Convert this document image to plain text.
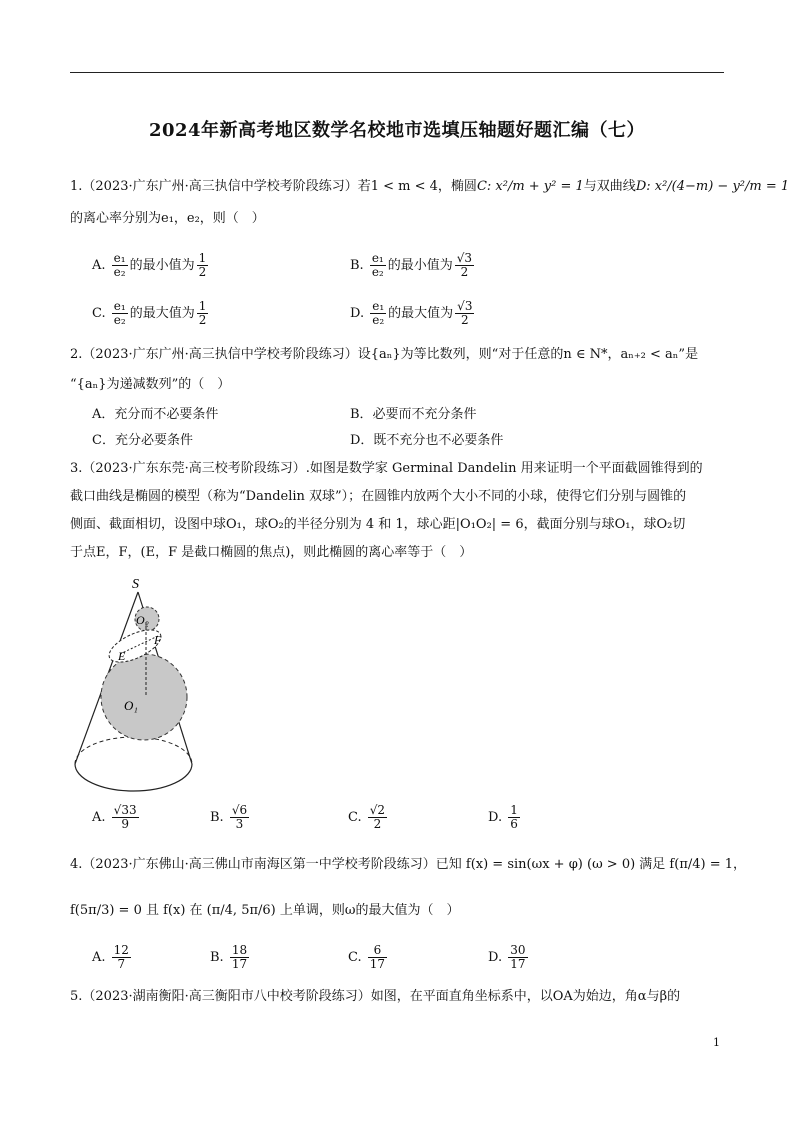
2024年新高考地区数学名校地市选填压轴题好题汇编（七）
1.（2023·广东广州·高三执信中学校考阶段练习）若1 < m < 4，椭圆C: x²/m + y² = 1与双曲线D: x²/(4−m) − y²/m = 1
的离心率分别为e₁，e₂，则（　）
A. $\frac{\text{e₁}}{\text{e₂}}$ 的最小值为 $\frac{1}{2}$	B. $\frac{\text{e₁}}{\text{e₂}}$ 的最小值为 $\frac{√3}{2}$
C. $\frac{\text{e₁}}{\text{e₂}}$ 的最大值为 $\frac{1}{2}$	D. $\frac{\text{e₁}}{\text{e₂}}$ 的最大值为 $\frac{√3}{2}$
2.（2023·广东广州·高三执信中学校考阶段练习）设{aₙ}为等比数列，则“对于任意的n ∈ N*，aₙ₊₂ < aₙ”是
“{aₙ}为递减数列”的（　）
A．充分而不必要条件	B．必要而不充分条件
C．充分必要条件	D．既不充分也不必要条件
3.（2023·广东东莞·高三校考阶段练习）.如图是数学家 Germinal Dandelin 用来证明一个平面截圆锥得到的
截口曲线是椭圆的模型（称为“Dandelin 双球”）；在圆锥内放两个大小不同的小球，使得它们分别与圆锥的
侧面、截面相切，设图中球O₁，球O₂的半径分别为 4 和 1，球心距|O₁O₂| = 6，截面分别与球O₁，球O₂切
于点E，F，(E，F 是截口椭圆的焦点)，则此椭圆的离心率等于（　）
S
O₂
E
F
O₁
A. $\frac{√33}{9}$	B. $\frac{√6}{3}$	C. $\frac{√2}{2}$	D. $\frac{1}{6}$
4.（2023·广东佛山·高三佛山市南海区第一中学校考阶段练习）已知 f(x) = sin(ωx + φ) (ω > 0) 满足 f(π/4) = 1，
f(5π/3) = 0 且 f(x) 在 (π/4, 5π/6) 上单调，则ω的最大值为（　）
A. $\frac{12}{7}$	B. $\frac{18}{17}$	C. $\frac{6}{17}$	D. $\frac{30}{17}$
5.（2023·湖南衡阳·高三衡阳市八中校考阶段练习）如图，在平面直角坐标系中，以OA为始边，角α与β的
1
